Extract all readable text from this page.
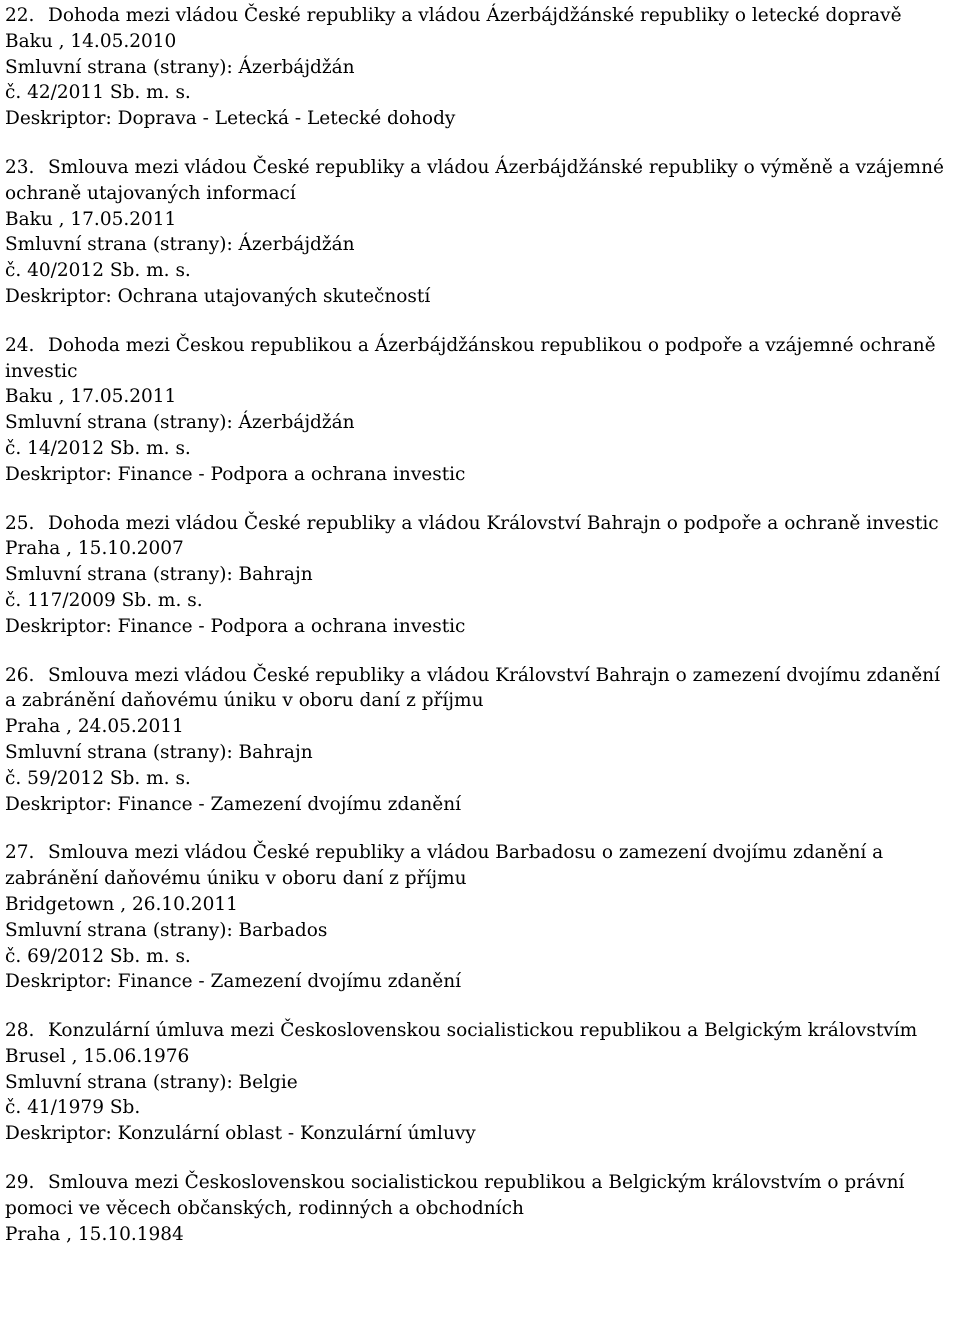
22. Dohoda mezi vládou České republiky a vládou Ázerbájdžánské republiky o letecké dopravě
Baku , 14.05.2010
Smluvní strana (strany): Ázerbájdžán
č. 42/2011 Sb. m. s.
Deskriptor: Doprava - Letecká - Letecké dohody
23. Smlouva mezi vládou České republiky a vládou Ázerbájdžánské republiky o výměně a vzájemné ochraně utajovaných informací
Baku , 17.05.2011
Smluvní strana (strany): Ázerbájdžán
č. 40/2012 Sb. m. s.
Deskriptor: Ochrana utajovaných skutečností
24. Dohoda mezi Českou republikou a Ázerbájdžánskou republikou o podpoře a vzájemné ochraně investic
Baku , 17.05.2011
Smluvní strana (strany): Ázerbájdžán
č. 14/2012 Sb. m. s.
Deskriptor: Finance - Podpora a ochrana investic
25. Dohoda mezi vládou České republiky a vládou Království Bahrajn o podpoře a ochraně investic
Praha , 15.10.2007
Smluvní strana (strany): Bahrajn
č. 117/2009 Sb. m. s.
Deskriptor: Finance - Podpora a ochrana investic
26. Smlouva mezi vládou České republiky a vládou Království Bahrajn o zamezení dvojímu zdanění a zabránění daňovému úniku v oboru daní z příjmu
Praha , 24.05.2011
Smluvní strana (strany): Bahrajn
č. 59/2012 Sb. m. s.
Deskriptor: Finance - Zamezení dvojímu zdanění
27. Smlouva mezi vládou České republiky a vládou Barbadosu o zamezení dvojímu zdanění a zabránění daňovému úniku v oboru daní z příjmu
Bridgetown , 26.10.2011
Smluvní strana (strany): Barbados
č. 69/2012 Sb. m. s.
Deskriptor: Finance - Zamezení dvojímu zdanění
28. Konzulární úmluva mezi Československou socialistickou republikou a Belgickým královstvím
Brusel , 15.06.1976
Smluvní strana (strany): Belgie
č. 41/1979 Sb.
Deskriptor: Konzulární oblast - Konzulární úmluvy
29. Smlouva mezi Československou socialistickou republikou a Belgickým královstvím o právní pomoci ve věcech občanských, rodinných a obchodních
Praha , 15.10.1984
